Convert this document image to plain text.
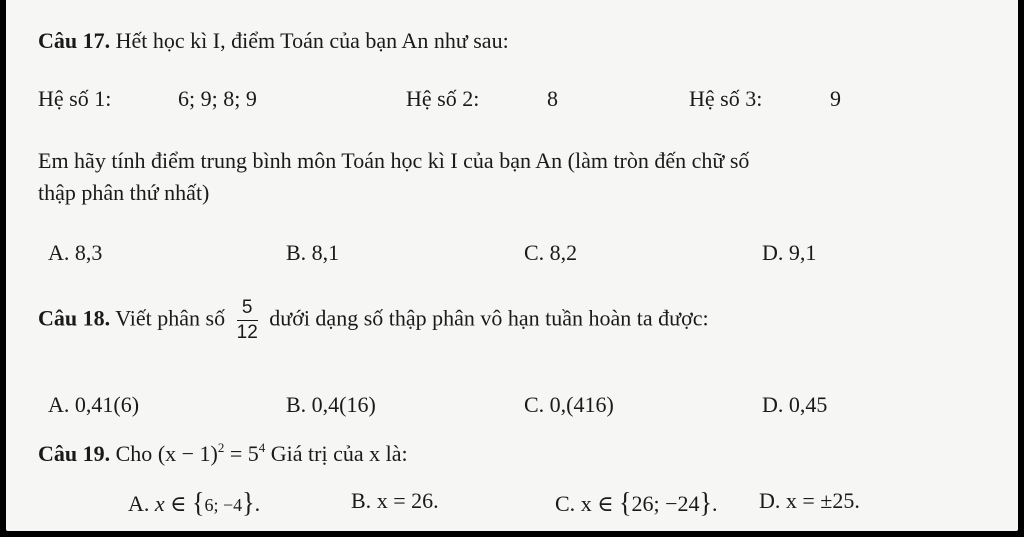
Câu 17. Hết học kì I, điểm Toán của bạn An như sau:
Hệ số 1:	6; 9; 8; 9	Hệ số 2:	8	Hệ số 3:	9
Em hãy tính điểm trung bình môn Toán học kì I của bạn An (làm tròn đến chữ số
thập phân thứ nhất)
A. 8,3	B. 8,1	C. 8,2	D. 9,1
Câu 18. Viết phân số $\frac{5}{12}$ dưới dạng số thập phân vô hạn tuần hoàn ta được:
A. 0,41(6)	B. 0,4(16)	C. 0,(416)	D. 0,45
Câu 19. Cho $(x - 1)^2 = 5^4$ Giá trị của x là:
A. x ∈ {6; −4}.	B. x = 26.	C. x ∈ {26; −24}. D. x = ±25.
